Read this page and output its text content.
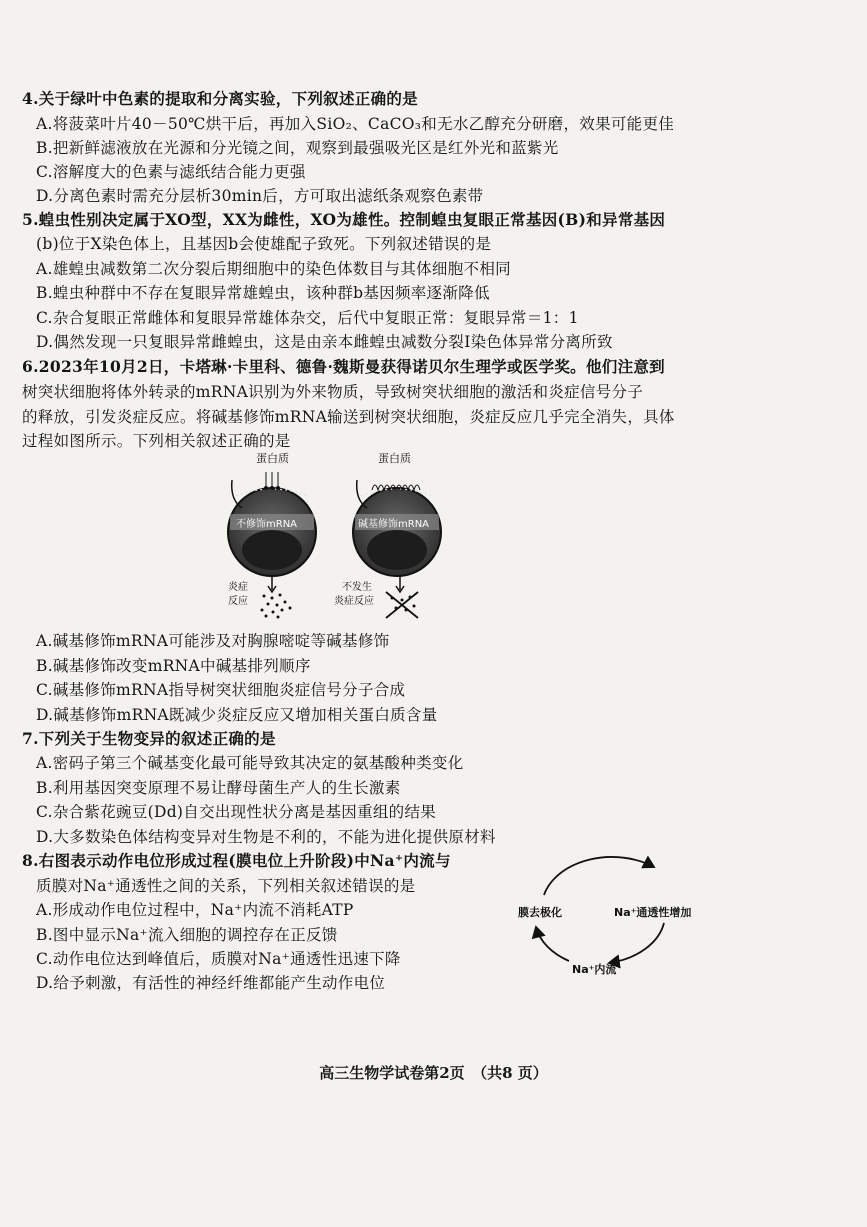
4.关于绿叶中色素的提取和分离实验，下列叙述正确的是
A.将菠菜叶片40－50℃烘干后，再加入SiO₂、CaCO₃和无水乙醇充分研磨，效果可能更佳
B.把新鲜滤液放在光源和分光镜之间，观察到最强吸光区是红外光和蓝紫光
C.溶解度大的色素与滤纸结合能力更强
D.分离色素时需充分层析30min后，方可取出滤纸条观察色素带
5.蝗虫性别决定属于XO型，XX为雌性，XO为雄性。控制蝗虫复眼正常基因(B)和异常基因
(b)位于X染色体上，且基因b会使雄配子致死。下列叙述错误的是
A.雄蝗虫减数第二次分裂后期细胞中的染色体数目与其体细胞不相同
B.蝗虫种群中不存在复眼异常雄蝗虫，该种群b基因频率逐渐降低
C.杂合复眼正常雌体和复眼异常雄体杂交，后代中复眼正常：复眼异常＝1：1
D.偶然发现一只复眼异常雌蝗虫，这是由亲本雌蝗虫减数分裂Ⅰ染色体异常分离所致
6.2023年10月2日，卡塔琳·卡里科、德鲁·魏斯曼获得诺贝尔生理学或医学奖。他们注意到
树突状细胞将体外转录的mRNA识别为外来物质，导致树突状细胞的激活和炎症信号分子
的释放，引发炎症反应。将碱基修饰mRNA输送到树突状细胞，炎症反应几乎完全消失，具体
过程如图所示。下列相关叙述正确的是
蛋白质
不修饰mRNA
炎症
反应
蛋白质
碱基修饰mRNA
不发生
炎症反应
A.碱基修饰mRNA可能涉及对胸腺嘧啶等碱基修饰
B.碱基修饰改变mRNA中碱基排列顺序
C.碱基修饰mRNA指导树突状细胞炎症信号分子合成
D.碱基修饰mRNA既减少炎症反应又增加相关蛋白质含量
7.下列关于生物变异的叙述正确的是
A.密码子第三个碱基变化最可能导致其决定的氨基酸种类变化
B.利用基因突变原理不易让酵母菌生产人的生长激素
C.杂合紫花豌豆(Dd)自交出现性状分离是基因重组的结果
D.大多数染色体结构变异对生物是不利的，不能为进化提供原材料
8.右图表示动作电位形成过程(膜电位上升阶段)中Na⁺内流与
质膜对Na⁺通透性之间的关系，下列相关叙述错误的是
A.形成动作电位过程中，Na⁺内流不消耗ATP
B.图中显示Na⁺流入细胞的调控存在正反馈
C.动作电位达到峰值后，质膜对Na⁺通透性迅速下降
D.给予刺激，有活性的神经纤维都能产生动作电位
膜去极化	Na⁺通透性增加
Na⁺内流
高三生物学试卷第2页　（共8 页）
